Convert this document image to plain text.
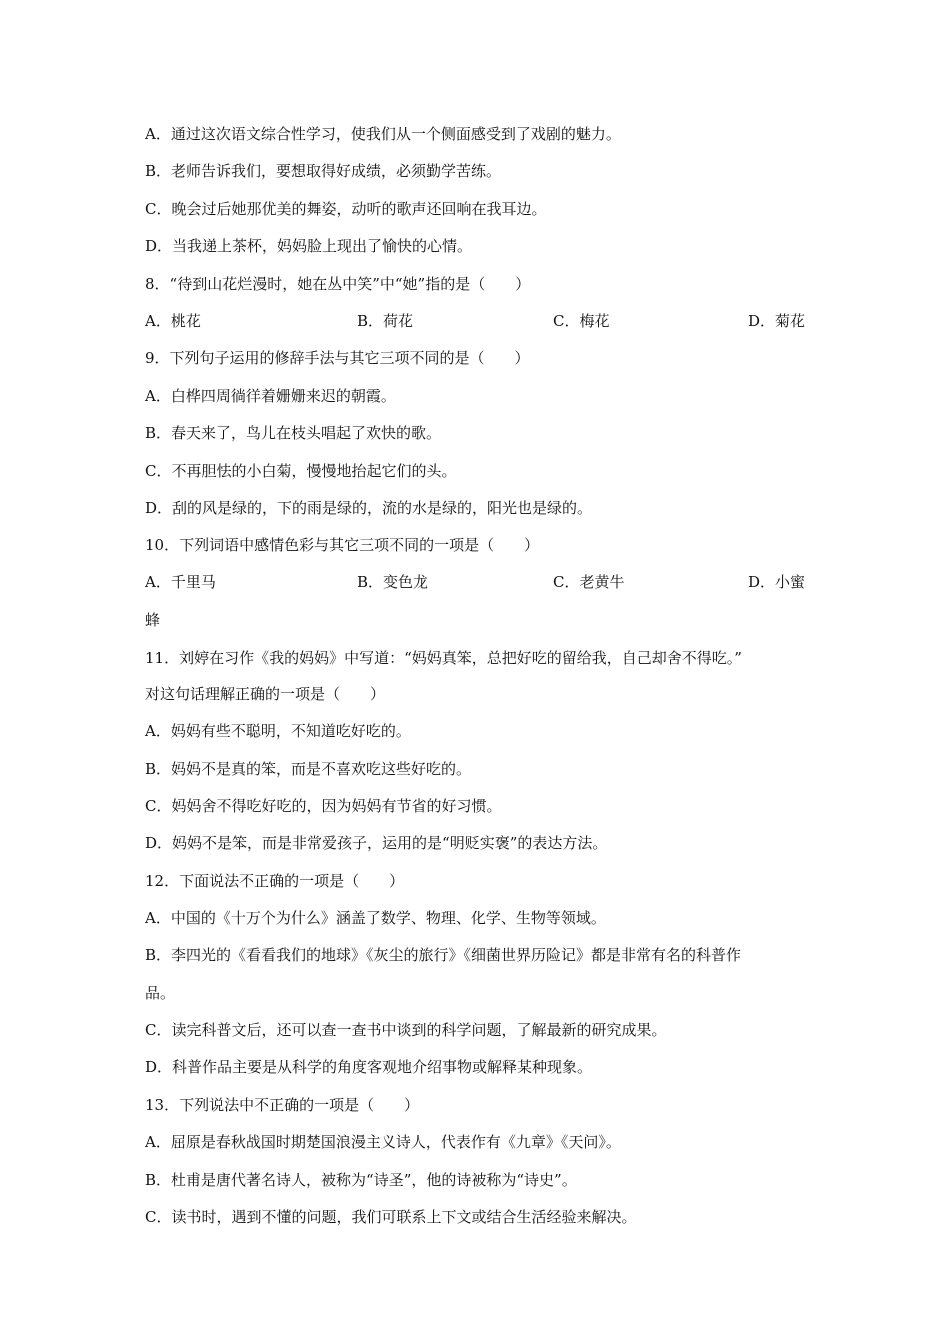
A．通过这次语文综合性学习，使我们从一个侧面感受到了戏剧的魅力。
B．老师告诉我们，要想取得好成绩，必须勤学苦练。
C．晚会过后她那优美的舞姿，动听的歌声还回响在我耳边。
D．当我递上茶杯，妈妈脸上现出了愉快的心情。
8．“待到山花烂漫时，她在丛中笑”中“她”指的是（　　）
A．桃花	B．荷花	C．梅花	D．菊花
9．下列句子运用的修辞手法与其它三项不同的是（　　）
A．白桦四周徜徉着姗姗来迟的朝霞。
B．春天来了，鸟儿在枝头唱起了欢快的歌。
C．不再胆怯的小白菊，慢慢地抬起它们的头。
D．刮的风是绿的，下的雨是绿的，流的水是绿的，阳光也是绿的。
10．下列词语中感情色彩与其它三项不同的一项是（　　）
A．千里马	B．变色龙	C．老黄牛	D．小蜜
蜂
11．刘婷在习作《我的妈妈》中写道：“妈妈真笨，总把好吃的留给我，自己却舍不得吃。”
对这句话理解正确的一项是（　　）
A．妈妈有些不聪明，不知道吃好吃的。
B．妈妈不是真的笨，而是不喜欢吃这些好吃的。
C．妈妈舍不得吃好吃的，因为妈妈有节省的好习惯。
D．妈妈不是笨，而是非常爱孩子，运用的是“明贬实褒”的表达方法。
12．下面说法不正确的一项是（　　）
A．中国的《十万个为什么》涵盖了数学、物理、化学、生物等领域。
B．李四光的《看看我们的地球》《灰尘的旅行》《细菌世界历险记》都是非常有名的科普作
品。
C．读完科普文后，还可以查一查书中谈到的科学问题，了解最新的研究成果。
D．科普作品主要是从科学的角度客观地介绍事物或解释某种现象。
13．下列说法中不正确的一项是（　　）
A．屈原是春秋战国时期楚国浪漫主义诗人，代表作有《九章》《天问》。
B．杜甫是唐代著名诗人，被称为“诗圣”，他的诗被称为“诗史”。
C．读书时，遇到不懂的问题，我们可联系上下文或结合生活经验来解决。
